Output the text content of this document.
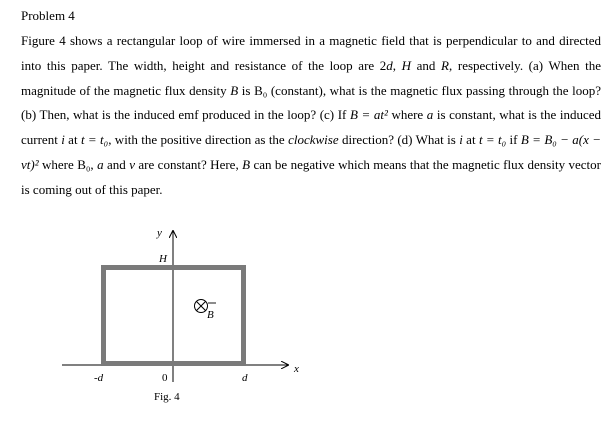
Problem 4
Figure 4 shows a rectangular loop of wire immersed in a magnetic field that is perpendicular to and directed into this paper. The width, height and resistance of the loop are 2d, H and R, respectively. (a) When the magnitude of the magnetic flux density B is B₀ (constant), what is the magnetic flux passing through the loop? (b) Then, what is the induced emf produced in the loop? (c) If B = at² where a is constant, what is the induced current i at t = t₀, with the positive direction as the clockwise direction? (d) What is i at t = t₀ if B = B₀ − a(x − vt)² where B₀, a and v are constant? Here, B can be negative which means that the magnetic flux density vector is coming out of this paper.
y
x
H
B
-d	0	d
Fig. 4
